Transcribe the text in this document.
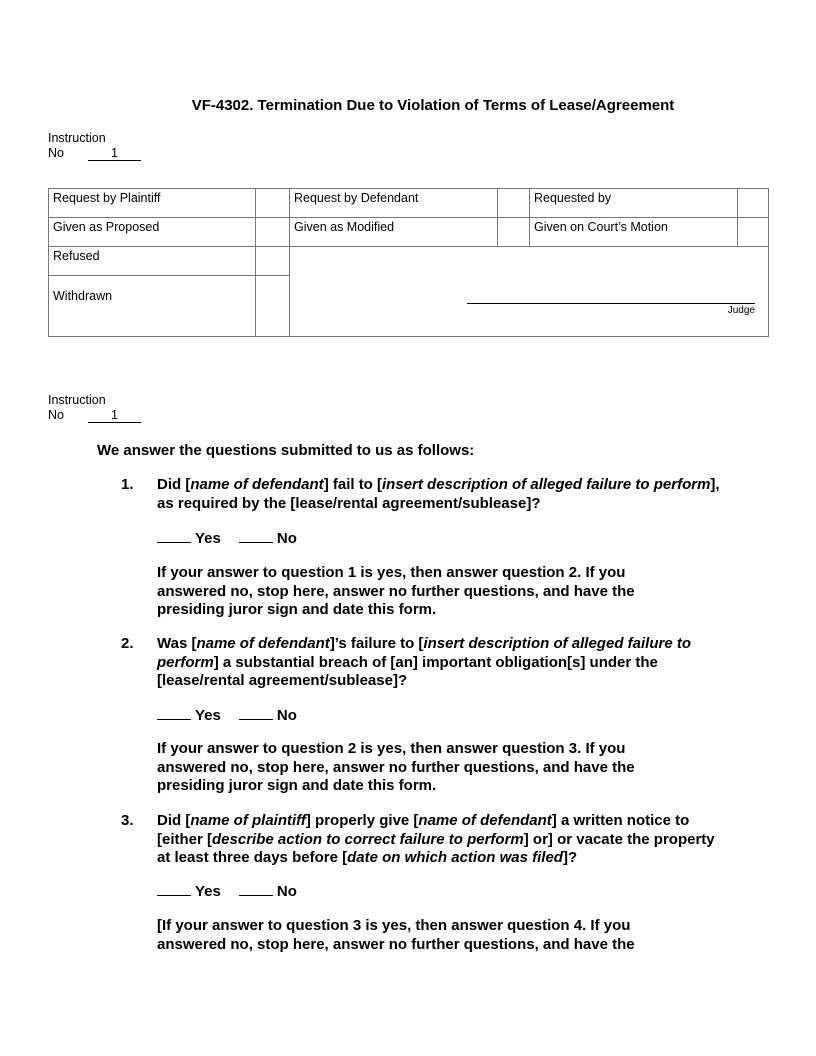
VF-4302. Termination Due to Violation of Terms of Lease/Agreement
Instruction
No	1
Request by Plaintiff		Request by Defendant		Requested by	
Given as Proposed		Given as Modified		Given on Court’s Motion	
Refused					
Withdrawn					
Judge
Instruction
No	1
We answer the questions submitted to us as follows:
1. Did [name of defendant] fail to [insert description of alleged failure to perform], as required by the [lease/rental agreement/sublease]?
Yes	No
If your answer to question 1 is yes, then answer question 2. If you answered no, stop here, answer no further questions, and have the presiding juror sign and date this form.
2. Was [name of defendant]’s failure to [insert description of alleged failure to perform] a substantial breach of [an] important obligation[s] under the [lease/rental agreement/sublease]?
Yes	No
If your answer to question 2 is yes, then answer question 3. If you answered no, stop here, answer no further questions, and have the presiding juror sign and date this form.
3. Did [name of plaintiff] properly give [name of defendant] a written notice to [either [describe action to correct failure to perform] or] or vacate the property at least three days before [date on which action was filed]?
Yes	No
[If your answer to question 3 is yes, then answer question 4. If you answered no, stop here, answer no further questions, and have the
